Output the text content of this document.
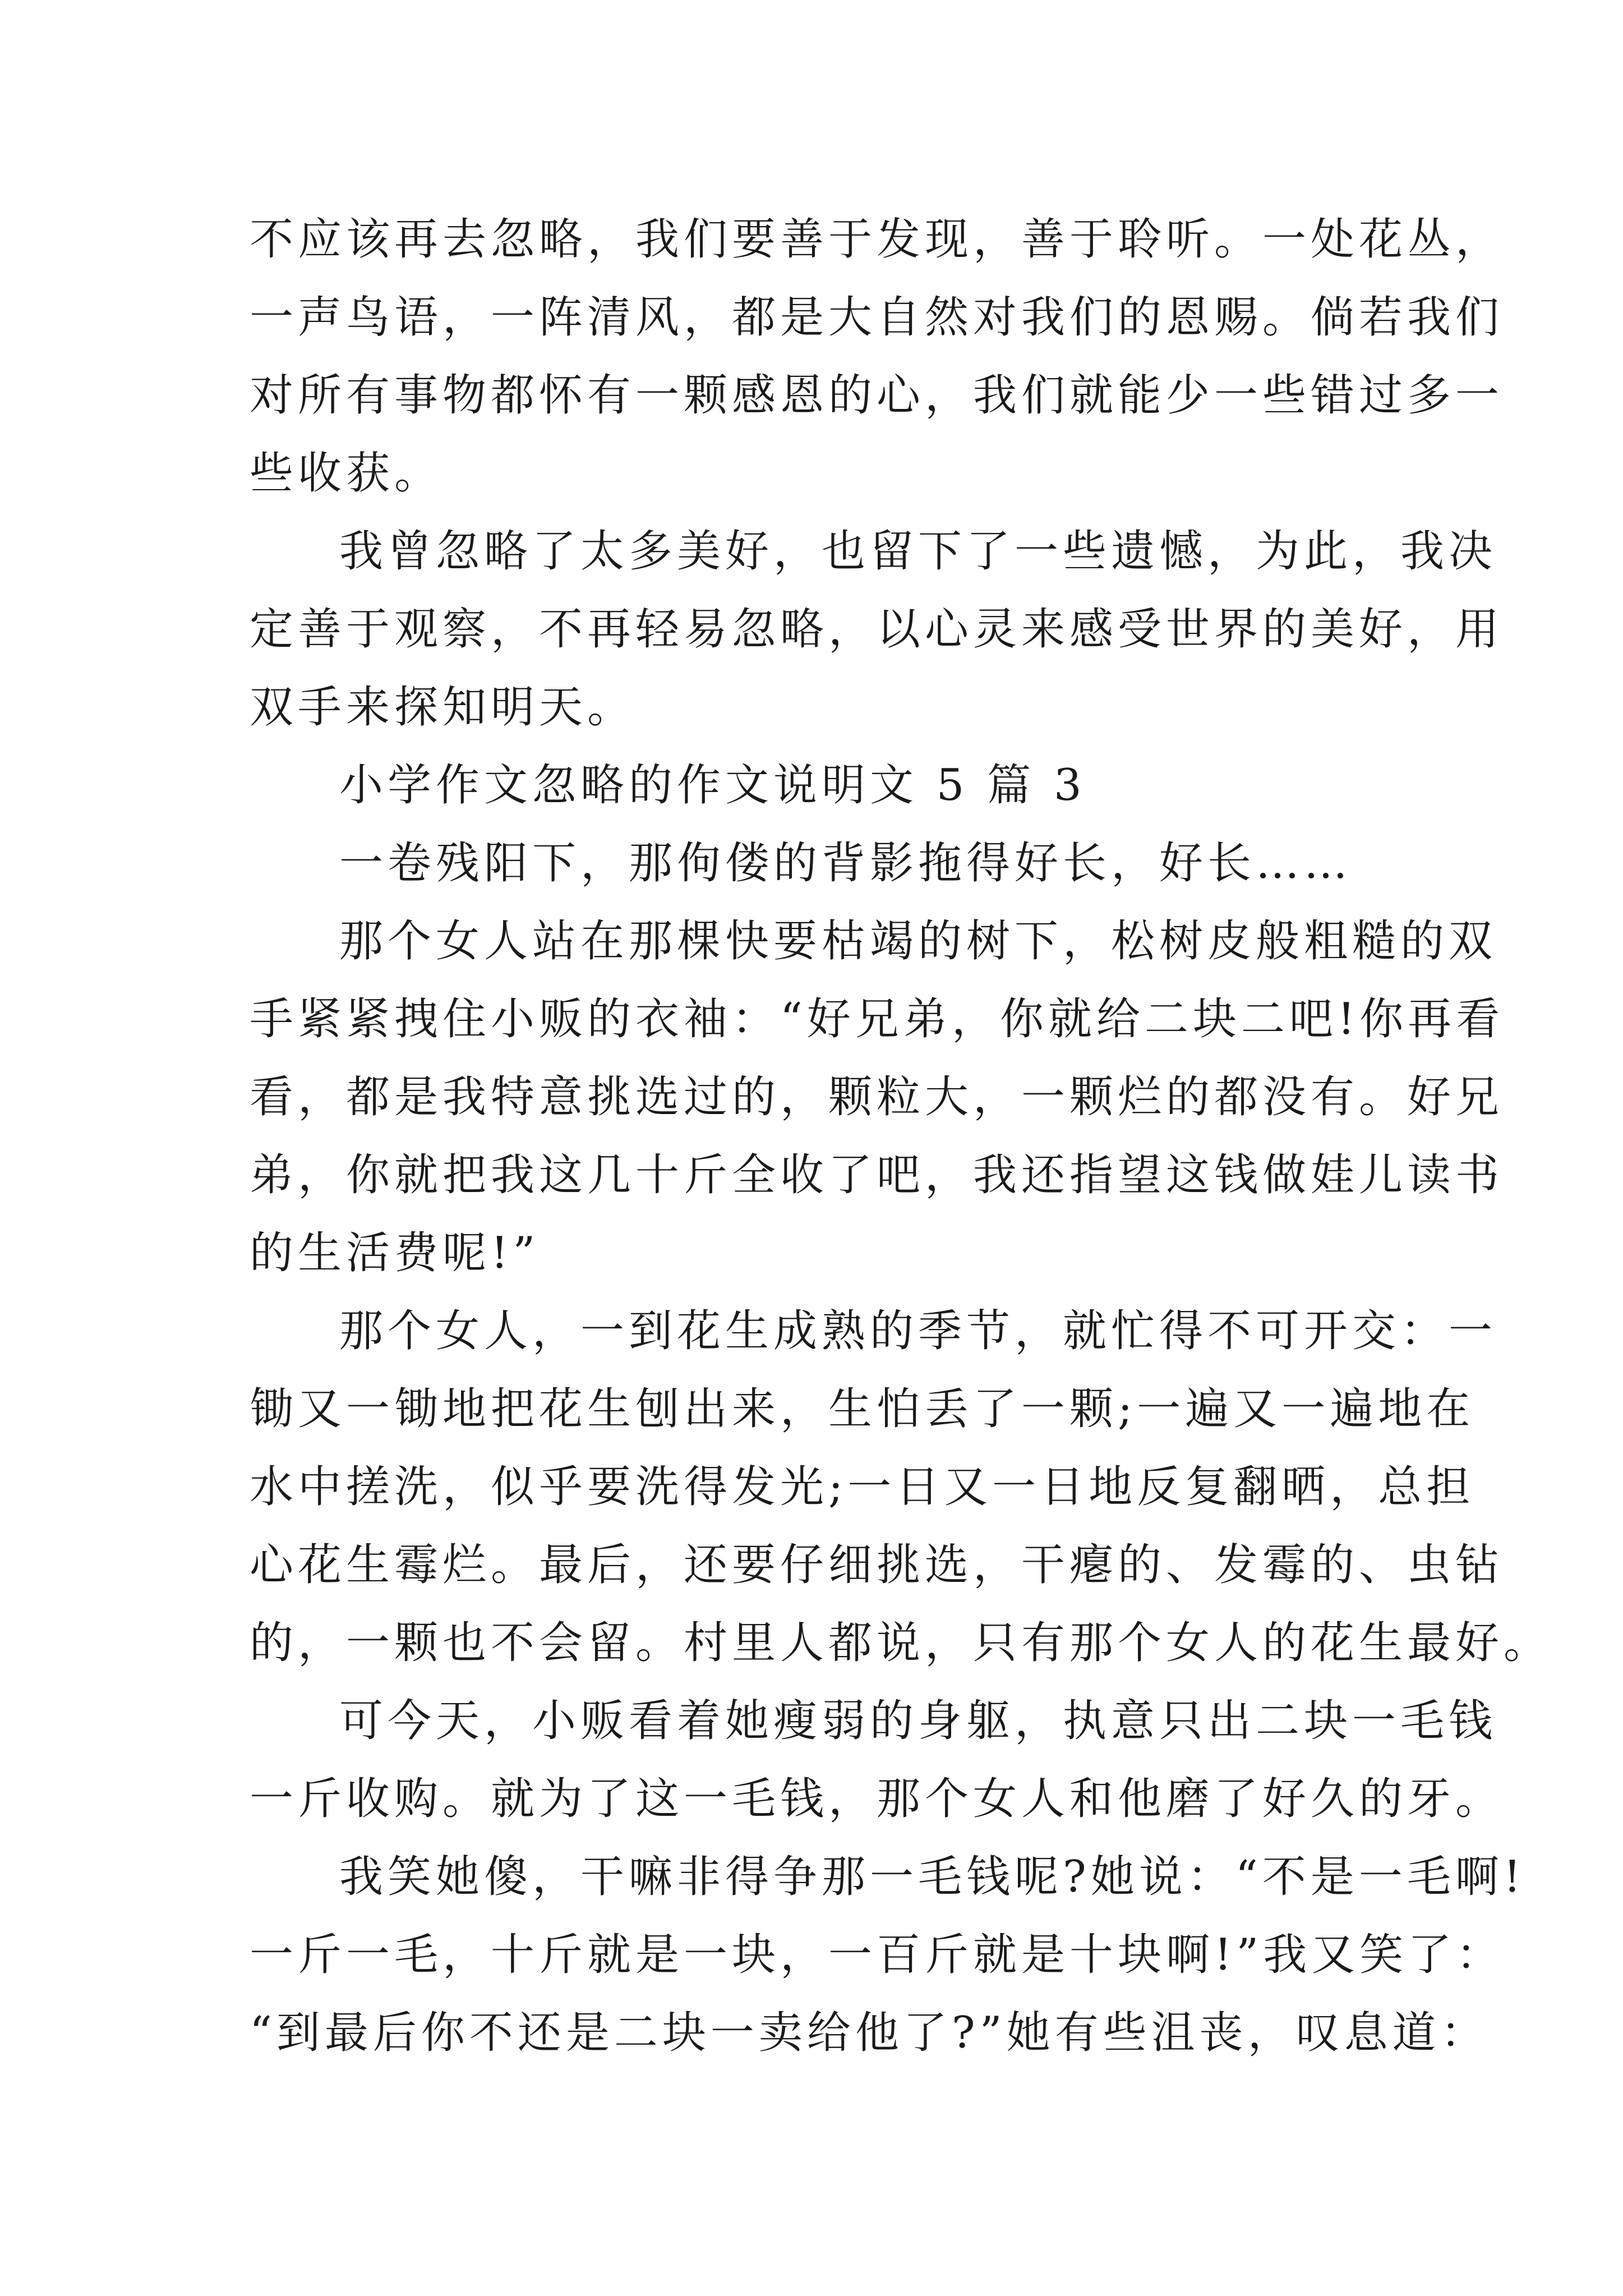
不应该再去忽略，我们要善于发现，善于聆听。一处花丛，
一声鸟语，一阵清风，都是大自然对我们的恩赐。倘若我们
对所有事物都怀有一颗感恩的心，我们就能少一些错过多一
些收获。
我曾忽略了太多美好，也留下了一些遗憾，为此，我决
定善于观察，不再轻易忽略，以心灵来感受世界的美好，用
双手来探知明天。
小学作文忽略的作文说明文 5 篇 3
一卷残阳下，那佝偻的背影拖得好长，好长……
那个女人站在那棵快要枯竭的树下，松树皮般粗糙的双
手紧紧拽住小贩的衣袖：“好兄弟，你就给二块二吧!你再看
看，都是我特意挑选过的，颗粒大，一颗烂的都没有。好兄
弟，你就把我这几十斤全收了吧，我还指望这钱做娃儿读书
的生活费呢!”
那个女人，一到花生成熟的季节，就忙得不可开交：一
锄又一锄地把花生刨出来，生怕丢了一颗;一遍又一遍地在
水中搓洗，似乎要洗得发光;一日又一日地反复翻晒，总担
心花生霉烂。最后，还要仔细挑选，干瘪的、发霉的、虫钻
的，一颗也不会留。村里人都说，只有那个女人的花生最好。
可今天，小贩看着她瘦弱的身躯，执意只出二块一毛钱
一斤收购。就为了这一毛钱，那个女人和他磨了好久的牙。
我笑她傻，干嘛非得争那一毛钱呢?她说：“不是一毛啊!
一斤一毛，十斤就是一块，一百斤就是十块啊!”我又笑了：
“到最后你不还是二块一卖给他了?”她有些沮丧，叹息道：
